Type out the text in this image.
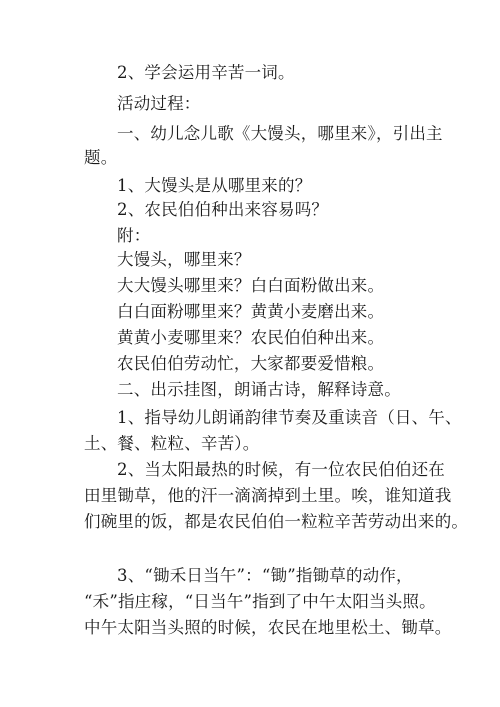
2、学会运用辛苦一词。
活动过程：
一、幼儿念儿歌《大馒头，哪里来》，引出主
题。
1、大馒头是从哪里来的？
2、农民伯伯种出来容易吗？
附：
大馒头，哪里来？
大大馒头哪里来？白白面粉做出来。
白白面粉哪里来？黄黄小麦磨出来。
黄黄小麦哪里来？农民伯伯种出来。
农民伯伯劳动忙，大家都要爱惜粮。
二、出示挂图，朗诵古诗，解释诗意。
1、指导幼儿朗诵韵律节奏及重读音（日、午、
土、餐、粒粒、辛苦）。
2、当太阳最热的时候，有一位农民伯伯还在
田里锄草，他的汗一滴滴掉到土里。唉，谁知道我
们碗里的饭，都是农民伯伯一粒粒辛苦劳动出来的。
3、“锄禾日当午”：“锄”指锄草的动作，
“禾”指庄稼，“日当午”指到了中午太阳当头照。
中午太阳当头照的时候，农民在地里松土、锄草。
